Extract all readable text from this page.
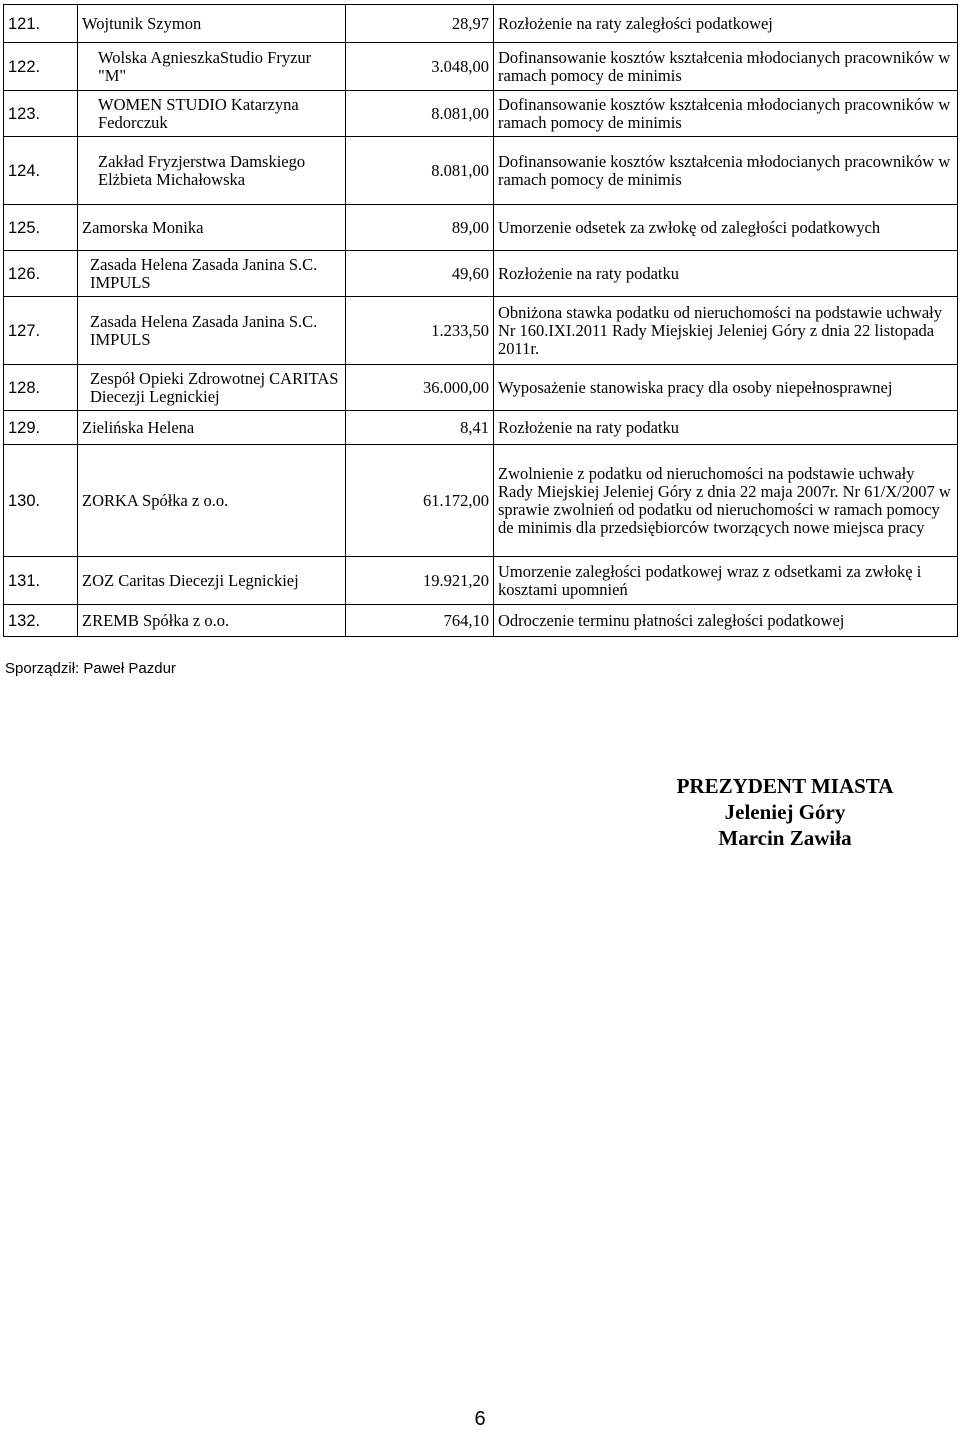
121.	Wojtunik Szymon	28,97	Rozłożenie na raty zaległości podatkowej
122.	Wolska AgnieszkaStudio Fryzur "M"	3.048,00	Dofinansowanie kosztów kształcenia młodocianych pracowników w ramach pomocy de minimis
123.	WOMEN STUDIO Katarzyna Fedorczuk	8.081,00	Dofinansowanie kosztów kształcenia młodocianych pracowników w ramach pomocy de minimis
124.	Zakład Fryzjerstwa Damskiego Elżbieta Michałowska	8.081,00	Dofinansowanie kosztów kształcenia młodocianych pracowników w ramach pomocy de minimis
125.	Zamorska Monika	89,00	Umorzenie odsetek za zwłokę od zaległości podatkowych
126.	Zasada Helena Zasada Janina S.C. IMPULS	49,60	Rozłożenie na raty podatku
127.	Zasada Helena Zasada Janina S.C. IMPULS	1.233,50	Obniżona stawka podatku od nieruchomości na podstawie uchwały Nr 160.IXI.2011 Rady Miejskiej Jeleniej Góry z dnia 22 listopada 2011r.
128.	Zespół Opieki Zdrowotnej CARITAS Diecezji Legnickiej	36.000,00	Wyposażenie stanowiska pracy dla osoby niepełnosprawnej
129.	Zielińska Helena	8,41	Rozłożenie na raty podatku
130.	ZORKA Spółka z o.o.	61.172,00	Zwolnienie z podatku od nieruchomości na podstawie uchwały Rady Miejskiej Jeleniej Góry z dnia 22 maja 2007r. Nr 61/X/2007 w sprawie zwolnień od podatku od nieruchomości w ramach pomocy de minimis dla przedsiębiorców tworzących nowe miejsca pracy
131.	ZOZ Caritas Diecezji Legnickiej	19.921,20	Umorzenie zaległości podatkowej wraz z odsetkami za zwłokę i kosztami upomnień
132.	ZREMB Spółka z o.o.	764,10	Odroczenie terminu płatności zaległości podatkowej
Sporządził: Paweł Pazdur
PREZYDENT MIASTA
Jeleniej Góry
Marcin Zawiła
6
